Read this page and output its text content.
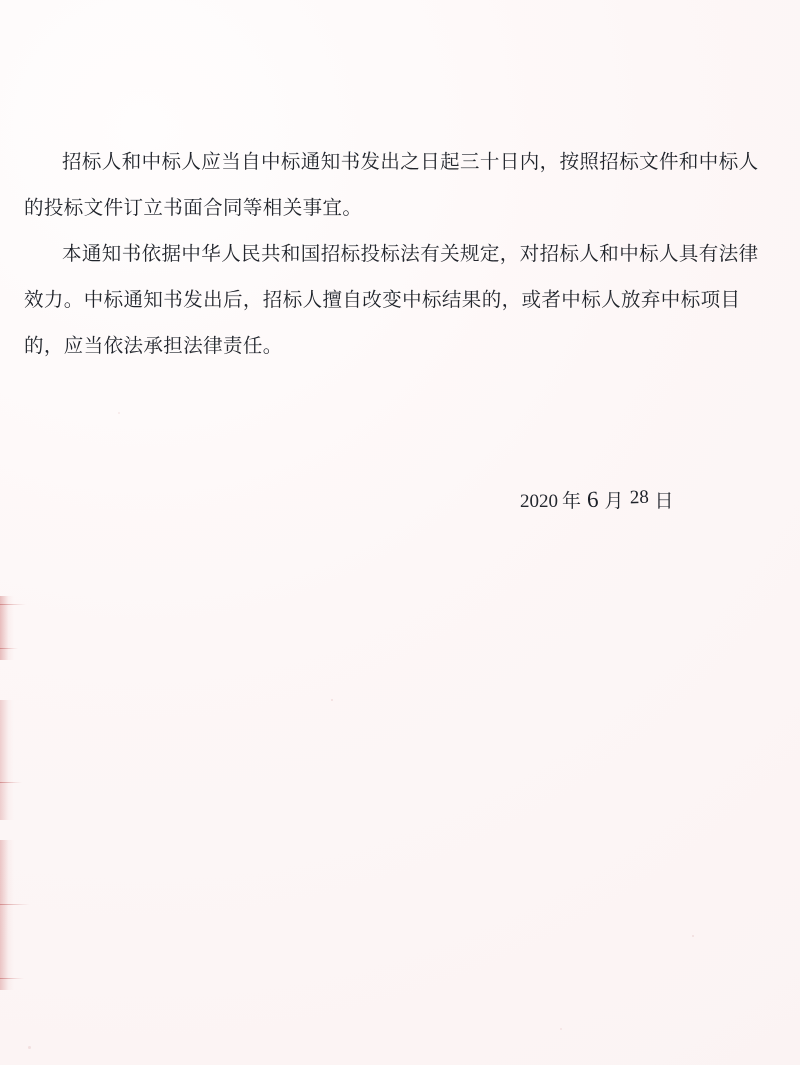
招标人和中标人应当自中标通知书发出之日起三十日内，按照招标文件和中标人的投标文件订立书面合同等相关事宜。
本通知书依据中华人民共和国招标投标法有关规定，对招标人和中标人具有法律效力。中标通知书发出后，招标人擅自改变中标结果的，或者中标人放弃中标项目的，应当依法承担法律责任。
2020 年 6 月 28 日
